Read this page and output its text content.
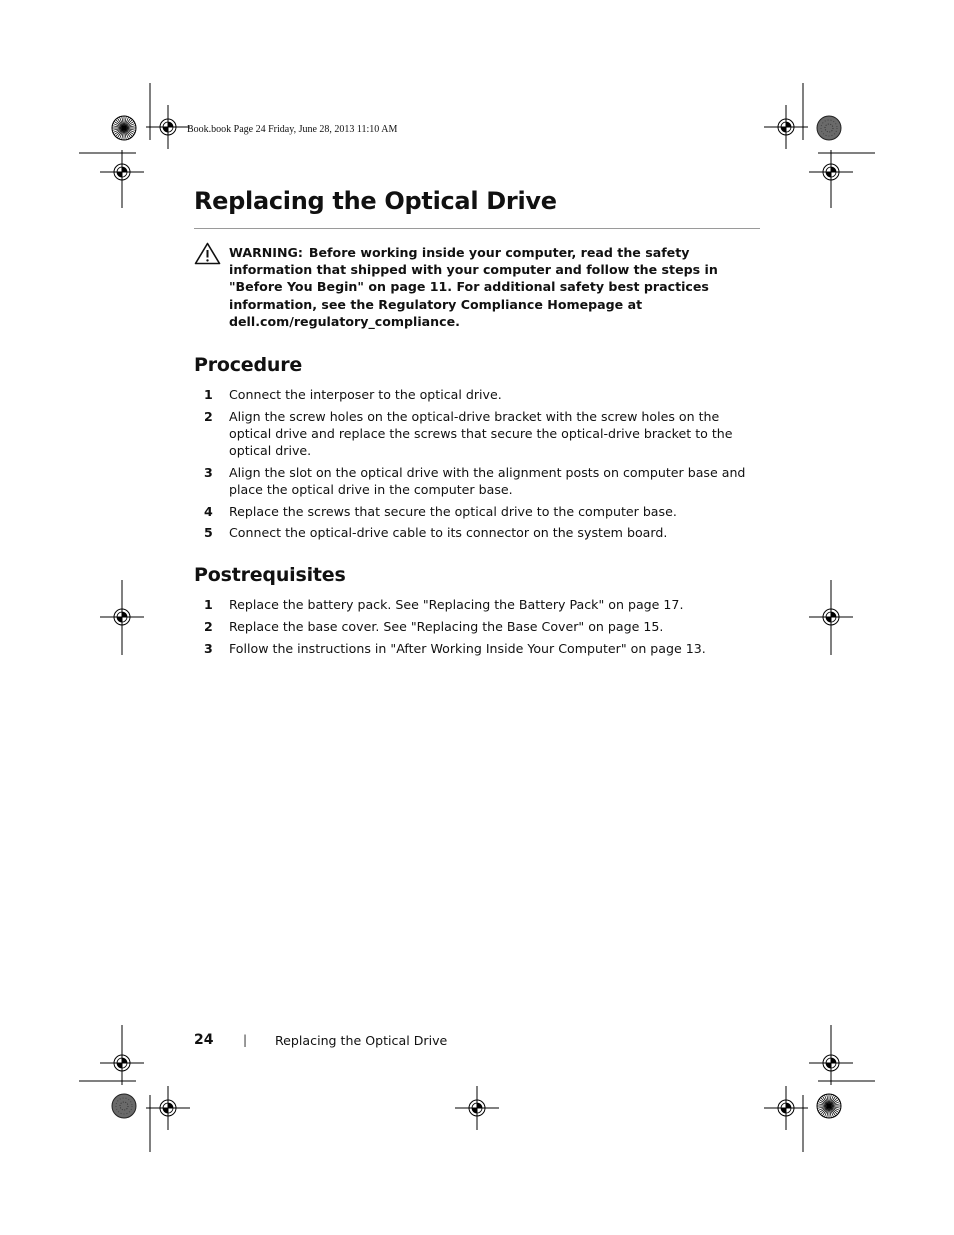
Book.book Page 24 Friday, June 28, 2013 11:10 AM
Replacing the Optical Drive
WARNING: Before working inside your computer, read the safety information that shipped with your computer and follow the steps in "Before You Begin" on page 11. For additional safety best practices information, see the Regulatory Compliance Homepage at dell.com/regulatory_compliance.
Procedure
1 Connect the interposer to the optical drive.
2 Align the screw holes on the optical-drive bracket with the screw holes on the optical drive and replace the screws that secure the optical-drive bracket to the optical drive.
3 Align the slot on the optical drive with the alignment posts on computer base and place the optical drive in the computer base.
4 Replace the screws that secure the optical drive to the computer base.
5 Connect the optical-drive cable to its connector on the system board.
Postrequisites
1 Replace the battery pack. See "Replacing the Battery Pack" on page 17.
2 Replace the base cover. See "Replacing the Base Cover" on page 15.
3 Follow the instructions in "After Working Inside Your Computer" on page 13.
24 | Replacing the Optical Drive
